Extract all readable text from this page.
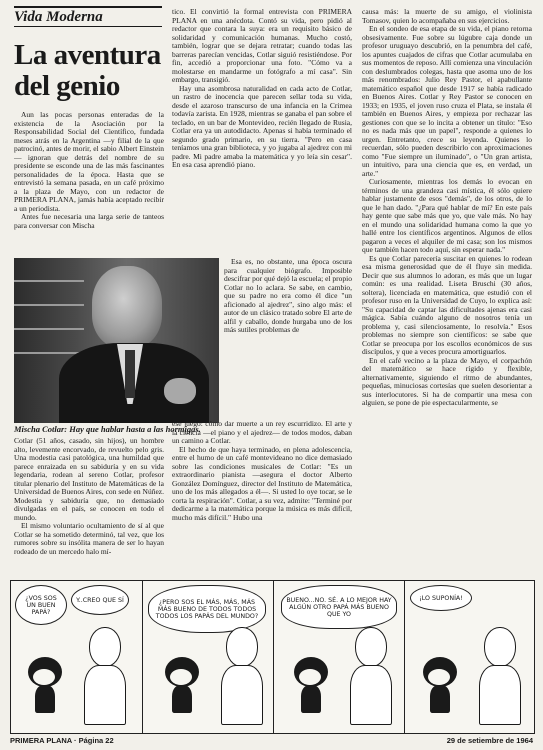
Vida Moderna
La aventura
del genio

Aun las pocas personas enteradas de la existencia de la Asociación por la Responsabilidad Social del Científico, fundada meses atrás en la Argentina —y filial de la que patrocinó, antes de morir, el sabio Albert Einstein— ignoran que detrás del nombre de su presidente se esconde una de las más fascinantes personalidades de la época. Hasta que se entrevistó la semana pasada, en un café próximo a la plaza de Mayo, con un redactor de PRIMERA PLANA, jamás había aceptado recibir a un periodista.

Antes fue necesaria una larga serie de tanteos para conversar con Mischa

Mischa Cotlar: Hay que hablar hasta a las hormigas.

Cotlar (51 años, casado, sin hijos), un hombre alto, levemente encorvado, de revuelto pelo gris. Una modestia casi patológica, una humildad que parece enraizada en su sabiduría y en su vida legendaria, rodean al sereno Cotlar, profesor titular plenario del Instituto de Matemáticas de la Universidad de Buenos Aires, con sede en Núñez. Modestia y sabiduría que, no demasiado divulgadas en el país, se conocen en todo el mundo.

El mismo voluntario ocultamiento de sí al que Cotlar se ha sometido determinó, tal vez, que los rumores sobre su insólita manera de ser lo hayan rodeado de un mercedo halo mí-

tico. El convirtió la formal entrevista con PRIMERA PLANA en una anécdota. Contó su vida, pero pidió al redactor que contara la suya: era un requisito básico de solidaridad y comunicación humanas. Mucho costó, también, lograr que se dejara retratar; cuando todas las barreras parecían vencidas, Cotlar siguió resistiéndose. Por fin, accedió a proporcionar una foto. "Cómo va a molestarse en mandarme un fotógrafo a mí casa". Sin embargo, transigió.

Hay una asombrosa naturalidad en cada acto de Cotlar, un rastro de inocencia que parecen sellar toda su vida, desde el azaroso transcurso de una infancia en la Crimea todavía zarista. En 1928, mientras se ganaba el pan sobre el teclado, en un bar de Montevideo, recién llegado de Rusia, Cotlar era ya un autodidacto. Apenas si había terminado el segundo grado primario, en su tierra. "Pero en casa teníamos una gran biblioteca, y yo jugaba al ajedrez con mi padre. Mi padre amaba la matemática y yo leía sin cesar". En esa casa aprendió piano.

Esa es, no obstante, una época oscura para cualquier biógrafo. Imposible descifrar por qué dejó la escuela; el propio Cotlar no lo aclara. Se sabe, en cambio, que su padre no era como él dice "un aficionado al ajedrez", sino algo más: el autor de un clásico tratado sobre El arte de alfil y caballo, donde hurgaba uno de los más sutiles problemas de

ese juego: cómo dar muerte a un rey escurridizo. El arte y la ciencia —el piano y el ajedrez— de todos modos, daban un camino a Cotlar.

El hecho de que haya terminado, en plena adolescencia, entre el humo de un café montevideano no dice demasiado sobre las condiciones musicales de Cotlar: "Es un extraordinario pianista —asegura el doctor Alberto González Domínguez, director del Instituto de Matemática, uno de los más allegados a él—. Si usted lo oye tocar, se le corta la respiración". Cotlar, a su vez, admite: "Terminé por dedicarme a la matemática porque la música es más difícil, mucho más difícil." Hubo una

causa más: la muerte de su amigo, el violinista Tomasov, quien lo acompañaba en sus ejercicios.

En el sondeo de esa etapa de su vida, el piano retorna obsesivamente. Fue sobre su lúgubre caja donde un profesor uruguayo descubrió, en la penumbra del café, los apuntes cuajados de cifras que Cotlar acumulaba en sus momentos de reposo. Allí comienza una vinculación con deslumbrados colegas, hasta que asoma uno de los más renombrados: Julio Rey Pastor, el apabullante matemático español que desde 1917 se había radicado en Buenos Aires. Cotlar y Rey Pastor se conocen en 1933; en 1935, el joven ruso cruza el Plata, se instala él también en Buenos Aires, y empieza por rechazar las gestiones con que se lo incita a obtener un título: "Eso no es nada más que un papel", responde a quienes lo urgen. Entretanto, crece su leyenda. Quienes lo recuerdan, sólo pueden describirlo con aproximaciones como "Fue siempre un iluminado", o "Un gran artista, un intuitivo, para una ciencia que es, en verdad, un arte."

Curiosamente, mientras los demás lo evocan en términos de una grandeza casi mística, él sólo quiere hablar justamente de esos "demás", de los otros, de lo que le han dado. "¿Para qué hablar de mí? En este país hay gente que sabe más que yo, que vale más. No hay en el mundo una solidaridad humana como la que yo hallé entre los científicos argentinos. Algunos de ellos pagaron a veces el alquiler de mi casa; son los mismos que también hacen todo aquí, sin esperar nada."

Es que Cotlar parecería suscitar en quienes lo rodean esa misma generosidad que de él fluye sin medida. Decir que sus alumnos lo adoran, es más que un lugar común: es una realidad. Liseta Bruschi (30 años, soltera), licenciada en matemática, que estudió con el profesor ruso en la Universidad de Cuyo, lo explica así: "Su capacidad de captar las dificultades ajenas era casi mágica. Sabía cuándo alguno de nosotros tenía un problema y, casi silenciosamente, lo resolvía." Esos problemas no siempre son científicos: se sabe que Cotlar se preocupa por los escollos económicos de sus discípulos, y que a veces procura amortiguarlos.

En el café vecino a la plaza de Mayo, el corpachón del matemático se hace rígido y flexible, alternativamente, siguiendo el ritmo de abundantes, pequeñas, minuciosas cortesías que suelen desorientar a sus interlocutores. Si ha de compartir una mesa con alguien, se pone de pie espectacularmente, se

¿VOS SOS UN BUEN PAPÁ?
Y..CREO QUE SÍ	¿PERO SOS EL MÁS, MÁS, MÁS MÁS BUENO DE TODOS TODOS TODOS LOS PAPÁS DEL MUNDO?
BUENO...NO. SÉ. A LO MEJOR HAY ALGÚN OTRO PAPÁ MÁS BUENO QUE YO
¡LO SUPONÍA!
PRIMERA PLANA · Página 22	29 de setiembre de 1964
